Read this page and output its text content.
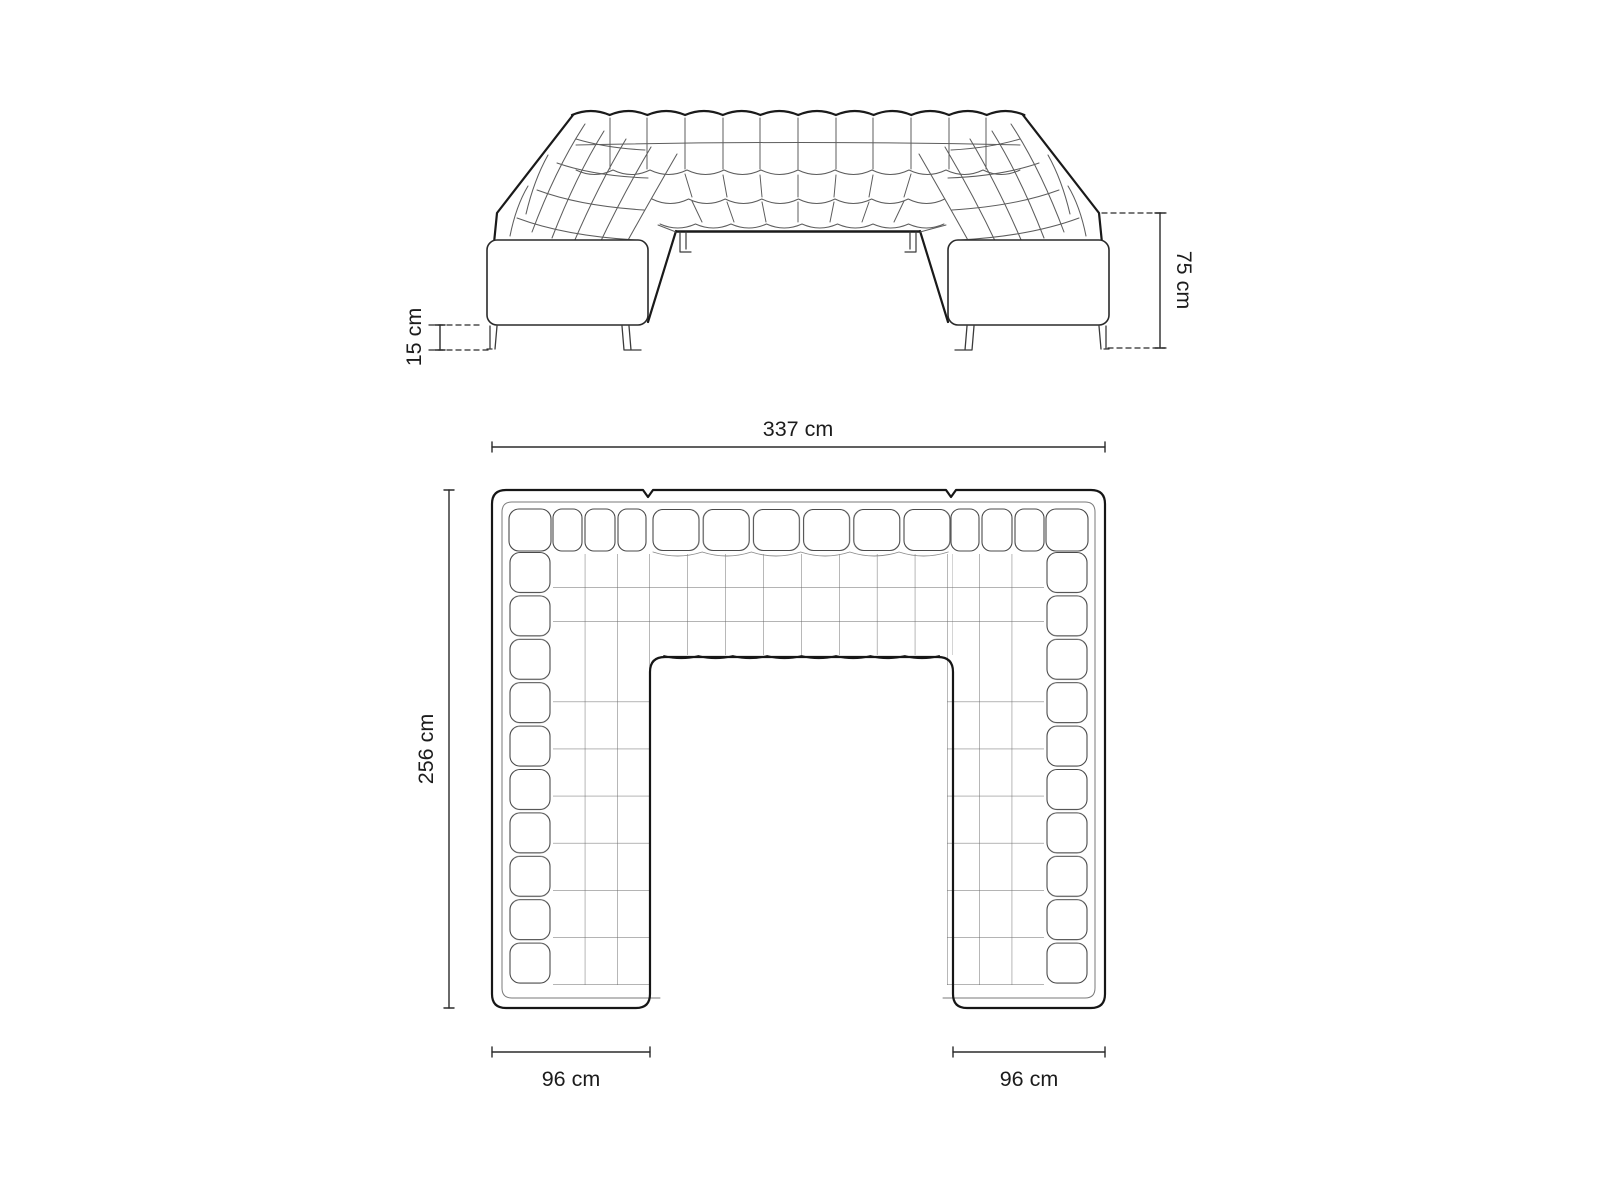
15 cm
75 cm
337 cm
256 cm
96 cm	96 cm
